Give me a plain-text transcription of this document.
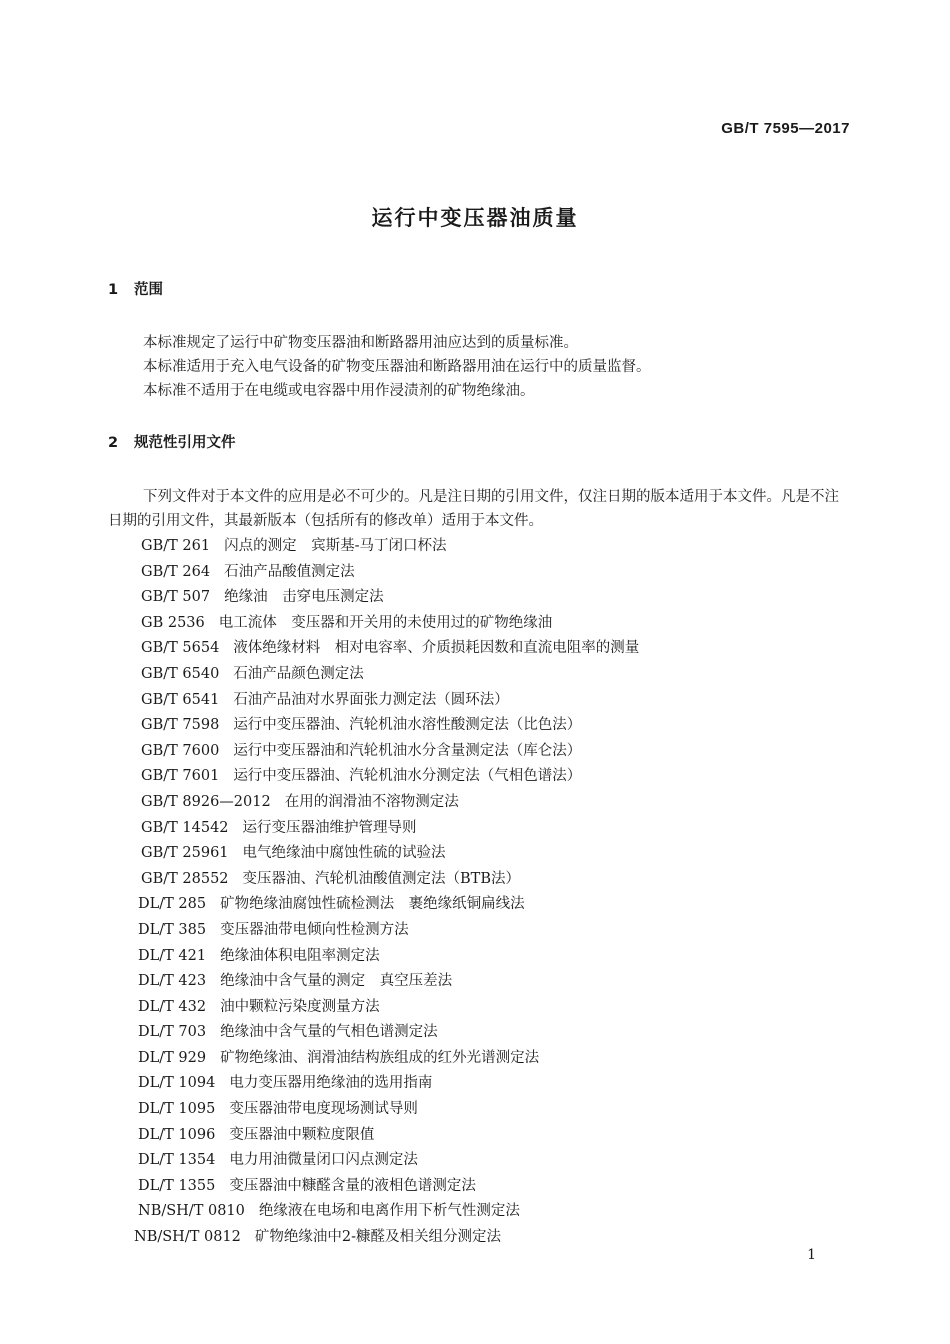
GB/T 7595—2017
运行中变压器油质量
1 范围

本标准规定了运行中矿物变压器油和断路器用油应达到的质量标准。

本标准适用于充入电气设备的矿物变压器油和断路器用油在运行中的质量监督。

本标准不适用于在电缆或电容器中用作浸渍剂的矿物绝缘油。

2 规范性引用文件

下列文件对于本文件的应用是必不可少的。凡是注日期的引用文件，仅注日期的版本适用于本文件。凡是不注日期的引用文件，其最新版本（包括所有的修改单）适用于本文件。

GB/T 261 闪点的测定　宾斯基-马丁闭口杯法
GB/T 264 石油产品酸值测定法
GB/T 507 绝缘油　击穿电压测定法
GB 2536 电工流体　变压器和开关用的未使用过的矿物绝缘油
GB/T 5654 液体绝缘材料　相对电容率、介质损耗因数和直流电阻率的测量
GB/T 6540 石油产品颜色测定法
GB/T 6541 石油产品油对水界面张力测定法（圆环法）
GB/T 7598 运行中变压器油、汽轮机油水溶性酸测定法（比色法）
GB/T 7600 运行中变压器油和汽轮机油水分含量测定法（库仑法）
GB/T 7601 运行中变压器油、汽轮机油水分测定法（气相色谱法）
GB/T 8926—2012 在用的润滑油不溶物测定法
GB/T 14542 运行变压器油维护管理导则
GB/T 25961 电气绝缘油中腐蚀性硫的试验法
GB/T 28552 变压器油、汽轮机油酸值测定法（BTB法）
DL/T 285 矿物绝缘油腐蚀性硫检测法　裹绝缘纸铜扁线法
DL/T 385 变压器油带电倾向性检测方法
DL/T 421 绝缘油体积电阻率测定法
DL/T 423 绝缘油中含气量的测定　真空压差法
DL/T 432 油中颗粒污染度测量方法
DL/T 703 绝缘油中含气量的气相色谱测定法
DL/T 929 矿物绝缘油、润滑油结构族组成的红外光谱测定法
DL/T 1094 电力变压器用绝缘油的选用指南
DL/T 1095 变压器油带电度现场测试导则
DL/T 1096 变压器油中颗粒度限值
DL/T 1354 电力用油微量闭口闪点测定法
DL/T 1355 变压器油中糠醛含量的液相色谱测定法
NB/SH/T 0810 绝缘液在电场和电离作用下析气性测定法
NB/SH/T 0812 矿物绝缘油中2-糠醛及相关组分测定法
1
